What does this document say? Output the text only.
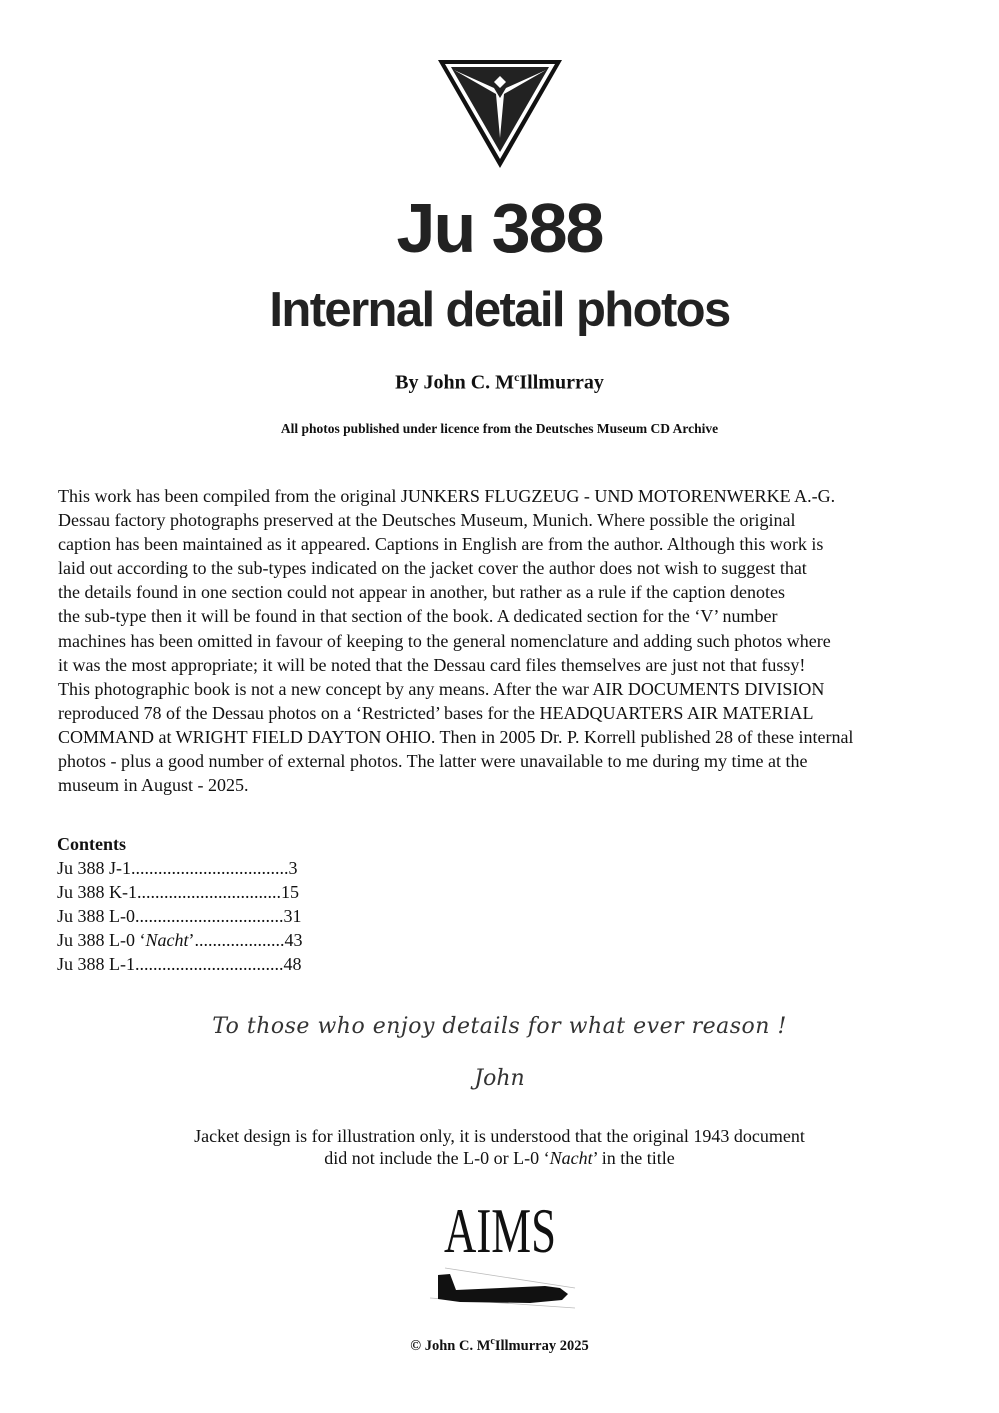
Ju 388
Internal detail photos
By John C. $M^cIllmurray$
All photos published under licence from the Deutsches Museum CD Archive
This work has been compiled from the original JUNKERS FLUGZEUG - UND MOTORENWERKE A.-G.
Dessau factory photographs preserved at the Deutsches Museum, Munich. Where possible the original
caption has been maintained as it appeared. Captions in English are from the author. Although this work is
laid out according to the sub-types indicated on the jacket cover the author does not wish to suggest that
the details found in one section could not appear in another, but rather as a rule if the caption denotes
the sub-type then it will be found in that section of the book. A dedicated section for the ‘V’ number
machines has been omitted in favour of keeping to the general nomenclature and adding such photos where
it was the most appropriate; it will be noted that the Dessau card files themselves are just not that fussy!
This photographic book is not a new concept by any means. After the war AIR DOCUMENTS DIVISION
reproduced 78 of the Dessau photos on a ‘Restricted’ bases for the HEADQUARTERS AIR MATERIAL
COMMAND at WRIGHT FIELD DAYTON OHIO. Then in 2005 Dr. P. Korrell published 28 of these internal
photos - plus a good number of external photos. The latter were unavailable to me during my time at the
museum in August - 2025.
Contents
Ju 388 J-1...................................3
Ju 388 K-1................................15
Ju 388 L-0.................................31
Ju 388 L-0 ‘Nacht’....................43
Ju 388 L-1.................................48
To those who enjoy details for what ever reason !
John
Jacket design is for illustration only, it is understood that the original 1943 document
did not include the L-0 or L-0 ‘Nacht’ in the title
AIMS
© John C. $M^cIllmurray$ 2025
